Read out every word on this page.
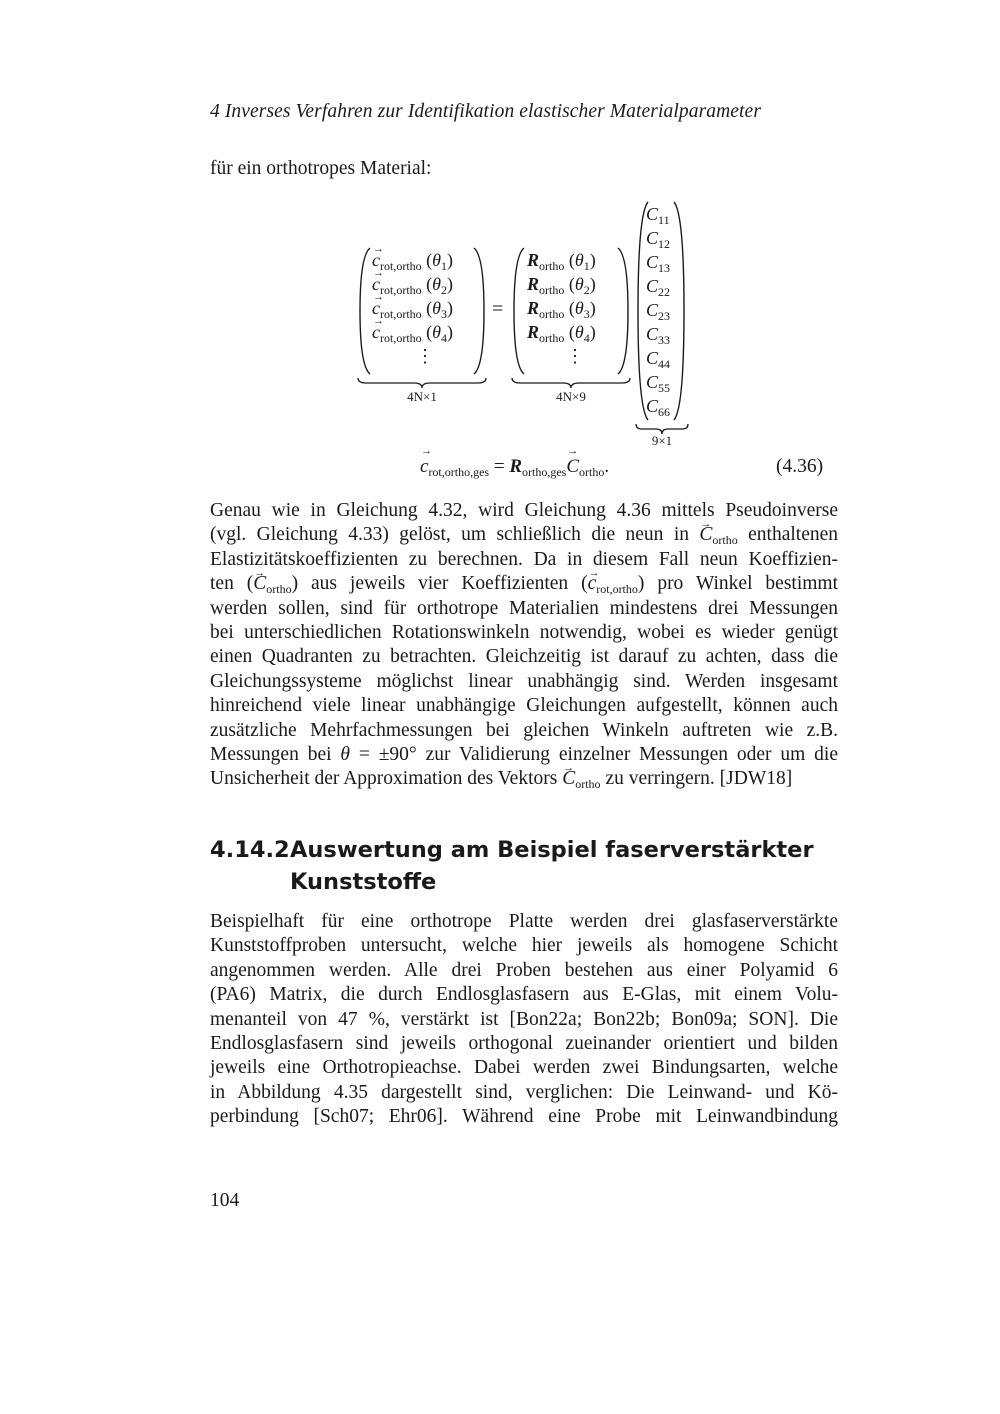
4 Inverses Verfahren zur Identifikation elastischer Materialparameter
für ein orthotropes Material:
→ $c_{rot,ortho}$ $(\theta_1)$
→ $c_{rot,ortho}$ $(\theta_2)$
→ $c_{rot,ortho}$ $(\theta_3)$
→ $c_{rot,ortho}$ $(\theta_4)$
⋮
4N×1
=
$R_{ortho}$ $(\theta_1)$
$R_{ortho}$ $(\theta_2)$
$R_{ortho}$ $(\theta_3)$
$R_{ortho}$ $(\theta_4)$
⋮
4N×9
$C_{11}$
$C_{12}$
$C_{13}$
$C_{22}$
$C_{23}$
$C_{33}$
$C_{44}$
$C_{55}$
$C_{66}$
9×1
→ $c_{rot,ortho,ges} = R_{ortho,ges}\to C_{ortho}$.	(4.36)
Genau wie in Gleichung 4.32, wird Gleichung 4.36 mittels Pseudoinverse
(vgl. Gleichung 4.33) gelöst, um schließlich die neun in → $C_{ortho}$ enthaltenen
Elastizitätskoeffizienten zu berechnen. Da in diesem Fall neun Koeffizien-
ten (→ $C_{ortho}$) aus jeweils vier Koeffizienten (→ $c_{rot,ortho}$) pro Winkel bestimmt
werden sollen, sind für orthotrope Materialien mindestens drei Messungen
bei unterschiedlichen Rotationswinkeln notwendig, wobei es wieder genügt
einen Quadranten zu betrachten. Gleichzeitig ist darauf zu achten, dass die
Gleichungssysteme möglichst linear unabhängig sind. Werden insgesamt
hinreichend viele linear unabhängige Gleichungen aufgestellt, können auch
zusätzliche Mehrfachmessungen bei gleichen Winkeln auftreten wie z.B.
Messungen bei θ = ±90° zur Validierung einzelner Messungen oder um die
Unsicherheit der Approximation des Vektors → $C_{ortho}$ zu verringern. [JDW18]
4.14.2Auswertung am Beispiel faserverstärkter
Kunststoffe
Beispielhaft für eine orthotrope Platte werden drei glasfaserverstärkte
Kunststoffproben untersucht, welche hier jeweils als homogene Schicht
angenommen werden. Alle drei Proben bestehen aus einer Polyamid 6
(PA6) Matrix, die durch Endlosglasfasern aus E-Glas, mit einem Volu-
menanteil von 47 %, verstärkt ist [Bon22a; Bon22b; Bon09a; SON]. Die
Endlosglasfasern sind jeweils orthogonal zueinander orientiert und bilden
jeweils eine Orthotropieachse. Dabei werden zwei Bindungsarten, welche
in Abbildung 4.35 dargestellt sind, verglichen: Die Leinwand- und Kö-
perbindung [Sch07; Ehr06]. Während eine Probe mit Leinwandbindung
104
